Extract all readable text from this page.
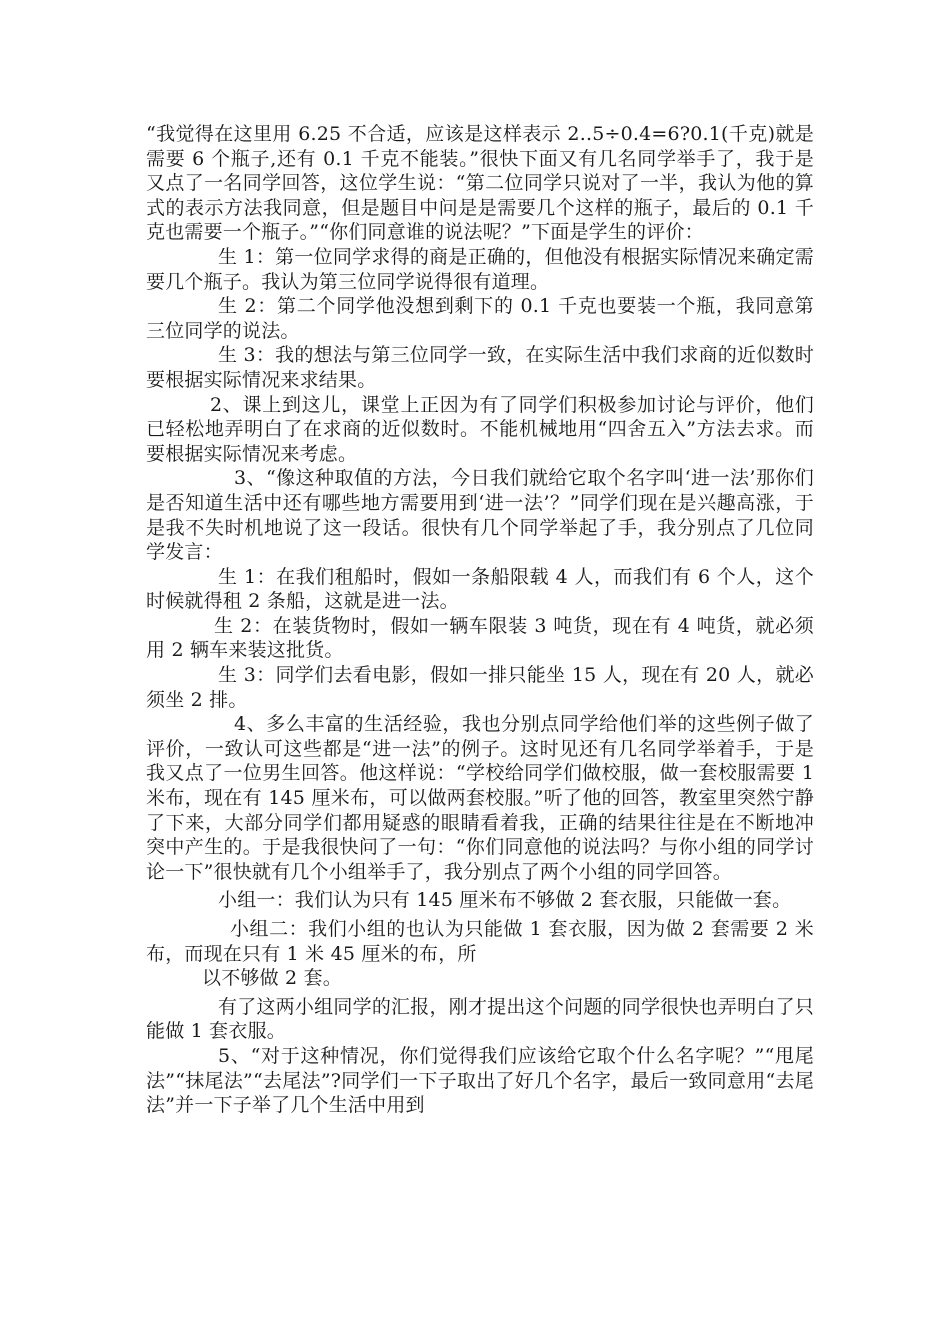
“我觉得在这里用 6.25 不合适，应该是这样表示 2..5÷0.4=6?0.1(千克)就是需要 6 个瓶子,还有 0.1 千克不能装。”很快下面又有几名同学举手了，我于是又点了一名同学回答，这位学生说：“第二位同学只说对了一半，我认为他的算式的表示方法我同意，但是题目中问是是需要几个这样的瓶子，最后的 0.1 千克也需要一个瓶子。”“你们同意谁的说法呢？”下面是学生的评价：

生 1：第一位同学求得的商是正确的，但他没有根据实际情况来确定需要几个瓶子。我认为第三位同学说得很有道理。

生 2：第二个同学他没想到剩下的 0.1 千克也要装一个瓶，我同意第三位同学的说法。

生 3：我的想法与第三位同学一致，在实际生活中我们求商的近似数时要根据实际情况来求结果。

2、课上到这儿，课堂上正因为有了同学们积极参加讨论与评价，他们已轻松地弄明白了在求商的近似数时。不能机械地用“四舍五入”方法去求。而要根据实际情况来考虑。

3、“像这种取值的方法，今日我们就给它取个名字叫‘进一法’那你们是否知道生活中还有哪些地方需要用到‘进一法’？”同学们现在是兴趣高涨，于是我不失时机地说了这一段话。很快有几个同学举起了手，我分别点了几位同学发言：

生 1：在我们租船时，假如一条船限载 4 人，而我们有 6 个人，这个时候就得租 2 条船，这就是进一法。

生 2：在装货物时，假如一辆车限装 3 吨货，现在有 4 吨货，就必须用 2 辆车来装这批货。

生 3：同学们去看电影，假如一排只能坐 15 人，现在有 20 人，就必须坐 2 排。

4、多么丰富的生活经验，我也分别点同学给他们举的这些例子做了评价，一致认可这些都是“进一法”的例子。这时见还有几名同学举着手，于是我又点了一位男生回答。他这样说：“学校给同学们做校服，做一套校服需要 1 米布，现在有 145 厘米布，可以做两套校服。”听了他的回答，教室里突然宁静了下来，大部分同学们都用疑惑的眼睛看着我，正确的结果往往是在不断地冲突中产生的。于是我很快问了一句：“你们同意他的说法吗？与你小组的同学讨论一下”很快就有几个小组举手了，我分别点了两个小组的同学回答。

小组一：我们认为只有 145 厘米布不够做 2 套衣服，只能做一套。

小组二：我们小组的也认为只能做 1 套衣服，因为做 2 套需要 2 米布，而现在只有 1 米 45 厘米的布，所

以不够做 2 套。

有了这两小组同学的汇报，刚才提出这个问题的同学很快也弄明白了只能做 1 套衣服。

5、“对于这种情况，你们觉得我们应该给它取个什么名字呢？”“甩尾法”“抹尾法”“去尾法”?同学们一下子取出了好几个名字，最后一致同意用“去尾法”并一下子举了几个生活中用到
